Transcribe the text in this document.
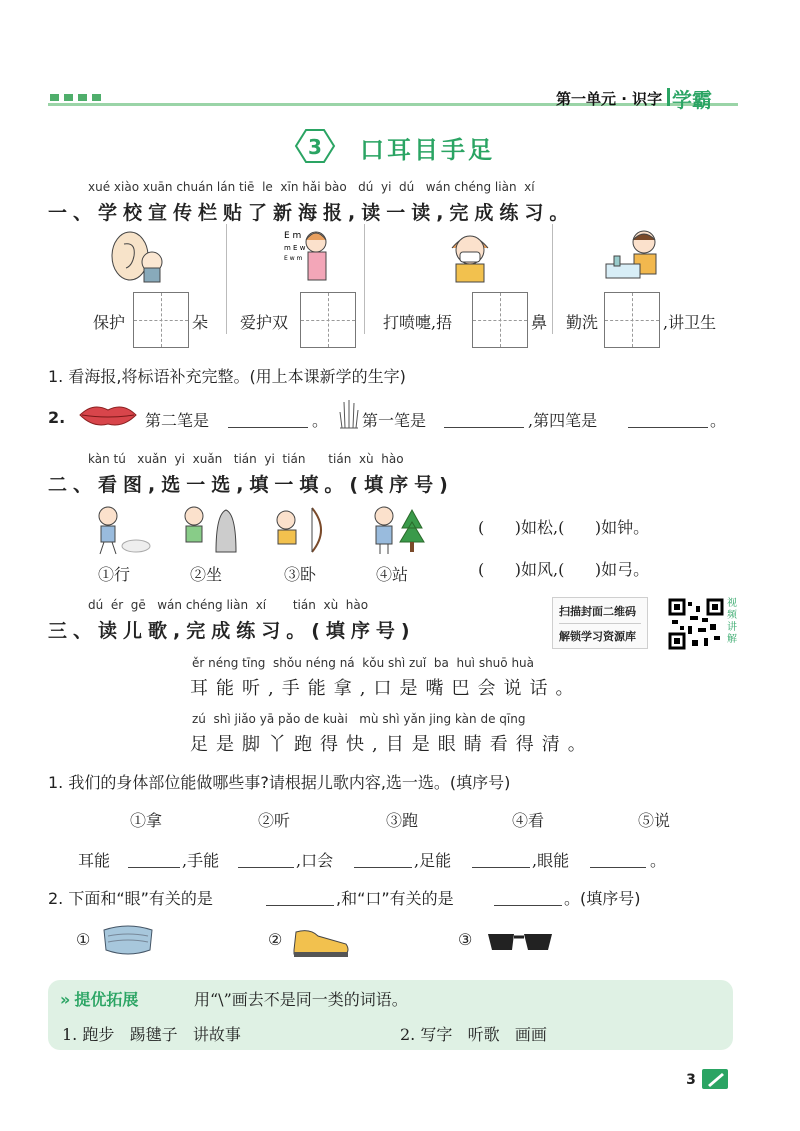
第一单元 · 识字 学霸
3 口耳目手足
xué xiào xuān chuán lán tiē  le  xīn hǎi bào   dú  yi  dú   wán chéng liàn  xí
一、学校宣传栏贴了新海报,读一读,完成练习。
E m
m E w
E w m
保护	朵 爱护双	打喷嚏,捂	鼻 勤洗	,讲卫生
1. 看海报,将标语补充完整。(用上本课新学的生字)
2.	第二笔是	。 第一笔是	,第四笔是	。
kàn tú   xuǎn  yi  xuǎn   tián  yi  tián      tián  xù  hào
二、看图,选一选,填一填。(填序号)
①行	②坐	③卧	④站
( )如松,( )如钟。
( )如风,( )如弓。
dú  ér  gē   wán chéng liàn  xí       tián  xù  hào
三、读儿歌,完成练习。(填序号)
扫描封面二维码
解锁学习资源库
视频讲解
ěr néng tīng  shǒu néng ná  kǒu shì zuǐ  ba  huì shuō huà
耳能听,手能拿,口是嘴巴会说话。
zú  shì jiǎo yā pǎo de kuài   mù shì yǎn jing kàn de qīng
足是脚丫跑得快,目是眼睛看得清。
1. 我们的身体部位能做哪些事?请根据儿歌内容,选一选。(填序号)
①拿	②听	③跑	④看	⑤说
耳能	,手能	,口会	,足能	,眼能	。
2. 下面和“眼”有关的是	,和“口”有关的是	。(填序号)
①	②	③
» 提优拓展	用“\”画去不是同一类的词语。
1. 跑步   踢毽子   讲故事	2. 写字   听歌   画画
3
